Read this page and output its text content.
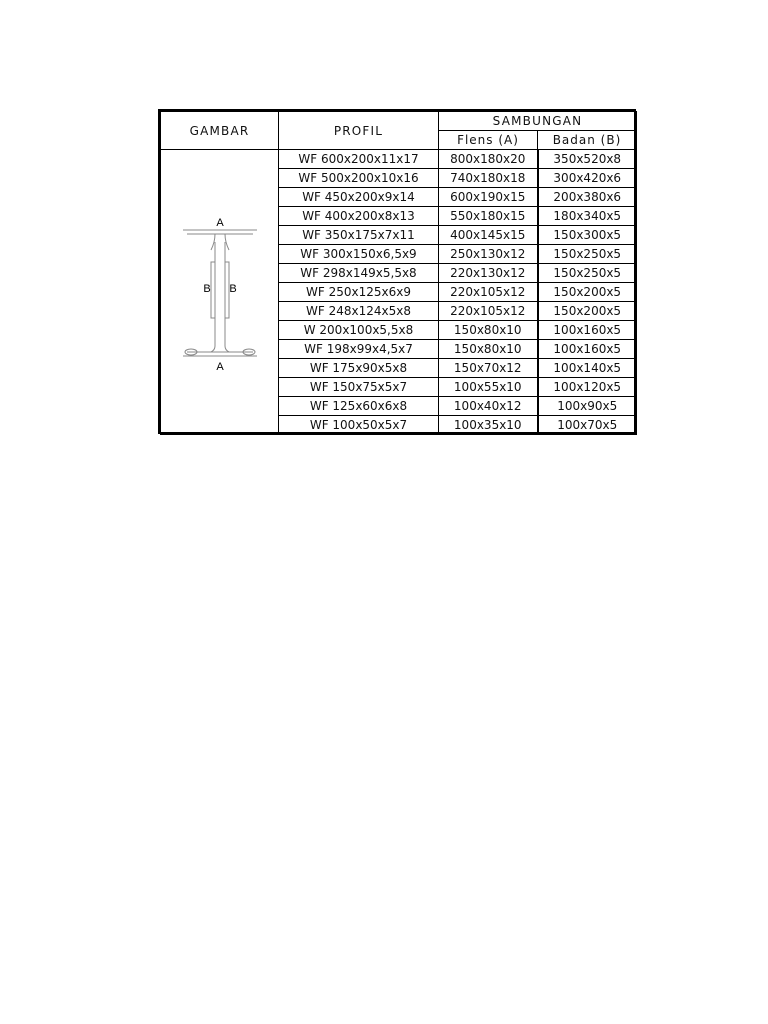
GAMBAR	PROFIL	SAMBUNGAN	
		Flens (A)	Badan (B)

A
B B
A	WF 600x200x11x17	800x180x20	350x520x8
	WF 500x200x10x16	740x180x18	300x420x6
	WF 450x200x9x14	600x190x15	200x380x6
	WF 400x200x8x13	550x180x15	180x340x5
	WF 350x175x7x11	400x145x15	150x300x5
	WF 300x150x6,5x9	250x130x12	150x250x5
	WF 298x149x5,5x8	220x130x12	150x250x5
	WF 250x125x6x9	220x105x12	150x200x5
	WF 248x124x5x8	220x105x12	150x200x5
	W 200x100x5,5x8	150x80x10	100x160x5
	WF 198x99x4,5x7	150x80x10	100x160x5
	WF 175x90x5x8	150x70x12	100x140x5
	WF 150x75x5x7	100x55x10	100x120x5
	WF 125x60x6x8	100x40x12	100x90x5
	WF 100x50x5x7	100x35x10	100x70x5
